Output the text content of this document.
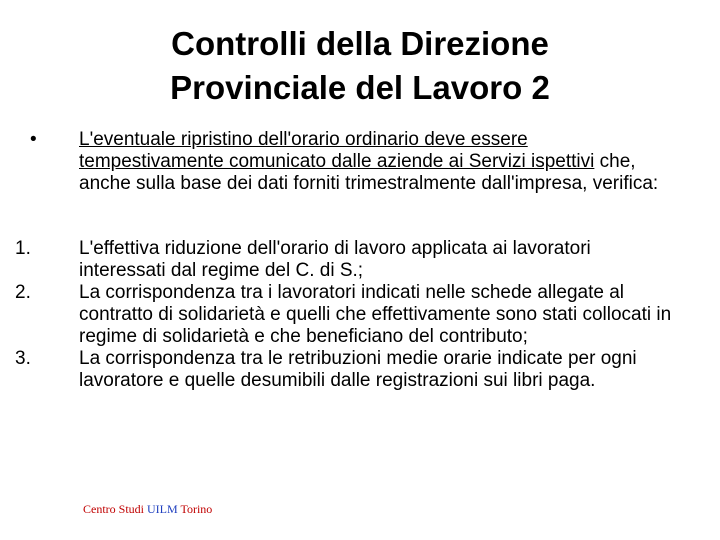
Controlli della Direzione
Provinciale del Lavoro 2
•	L'eventuale ripristino dell'orario ordinario deve essere tempestivamente comunicato dalle aziende ai Servizi ispettivi che, anche sulla base dei dati forniti trimestralmente dall'impresa, verifica:
1.	L'effettiva riduzione dell'orario di lavoro applicata ai lavoratori interessati dal regime del C. di S.;
2.	La corrispondenza tra i lavoratori indicati nelle schede allegate al contratto di solidarietà e quelli che effettivamente sono stati collocati in regime di solidarietà e che beneficiano del contributo;
3.	La corrispondenza tra le retribuzioni medie orarie indicate per ogni lavoratore e quelle desumibili dalle registrazioni sui libri paga.
Centro Studi UILM Torino
